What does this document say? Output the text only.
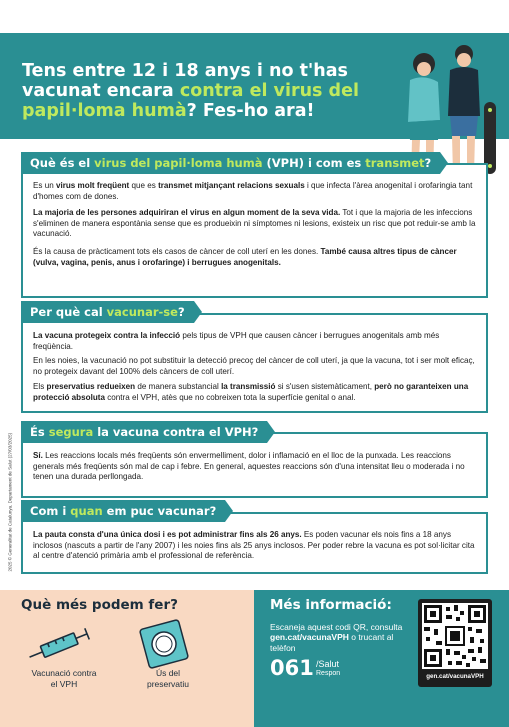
Tens entre 12 i 18 anys i no t'has vacunat encara contra el virus del papil·loma humà? Fes-ho ara!
2025 © Generalitat de Catalunya. Departament de Salut (27/03/2025)
Què és el virus del papil·loma humà (VPH) i com es transmet?
Es un virus molt freqüent que es transmet mitjançant relacions sexuals i que infecta l'àrea anogenital i orofaringia tant d'homes com de dones.
La majoria de les persones adquiriran el virus en algun moment de la seva vida. Tot i que la majoria de les infeccions s'eliminen de manera espontània sense que es produeixin ni símptomes ni lesions, existeix un risc que pot reduir-se amb la vacunació.
És la causa de pràcticament tots els casos de càncer de coll uterí en les dones. També causa altres tipus de càncer (vulva, vagina, penis, anus i orofaringe) i berrugues anogenitals.
Per què cal vacunar-se?
La vacuna protegeix contra la infecció pels tipus de VPH que causen càncer i berrugues anogenitals amb més freqüència.
En les noies, la vacunació no pot substituir la detecció precoç del càncer de coll uterí, ja que la vacuna, tot i ser molt eficaç, no protegeix davant del 100% dels càncers de coll uterí.
Els preservatius redueixen de manera substancial la transmissió si s'usen sistemàticament, però no garanteixen una protecció absoluta contra el VPH, atès que no cobreixen tota la superfície genital o anal.
És segura la vacuna contra el VPH?
Sí. Les reaccions locals més freqüents són envermelliment, dolor i inflamació en el lloc de la punxada. Les reaccions generals més freqüents són mal de cap i febre. En general, aquestes reaccions són d'una intensitat lleu o moderada i no tenen una durada perllongada.
Com i quan em puc vacunar?
La pauta consta d'una única dosi i es pot administrar fins als 26 anys. Es poden vacunar els nois fins a 18 anys inclosos (nascuts a partir de l'any 2007) i les noies fins als 25 anys inclosos. Per poder rebre la vacuna es pot sol·licitar cita al centre d'atenció primària amb el professional de referència.
Què més podem fer?
Vacunació contra el VPH
Ús del preservatiu
Més informació:
Escaneja aquest codi QR, consulta gen.cat/vacunaVPH o trucant al telèfon
061 /Salut
Respon	gen.cat/vacunaVPH
